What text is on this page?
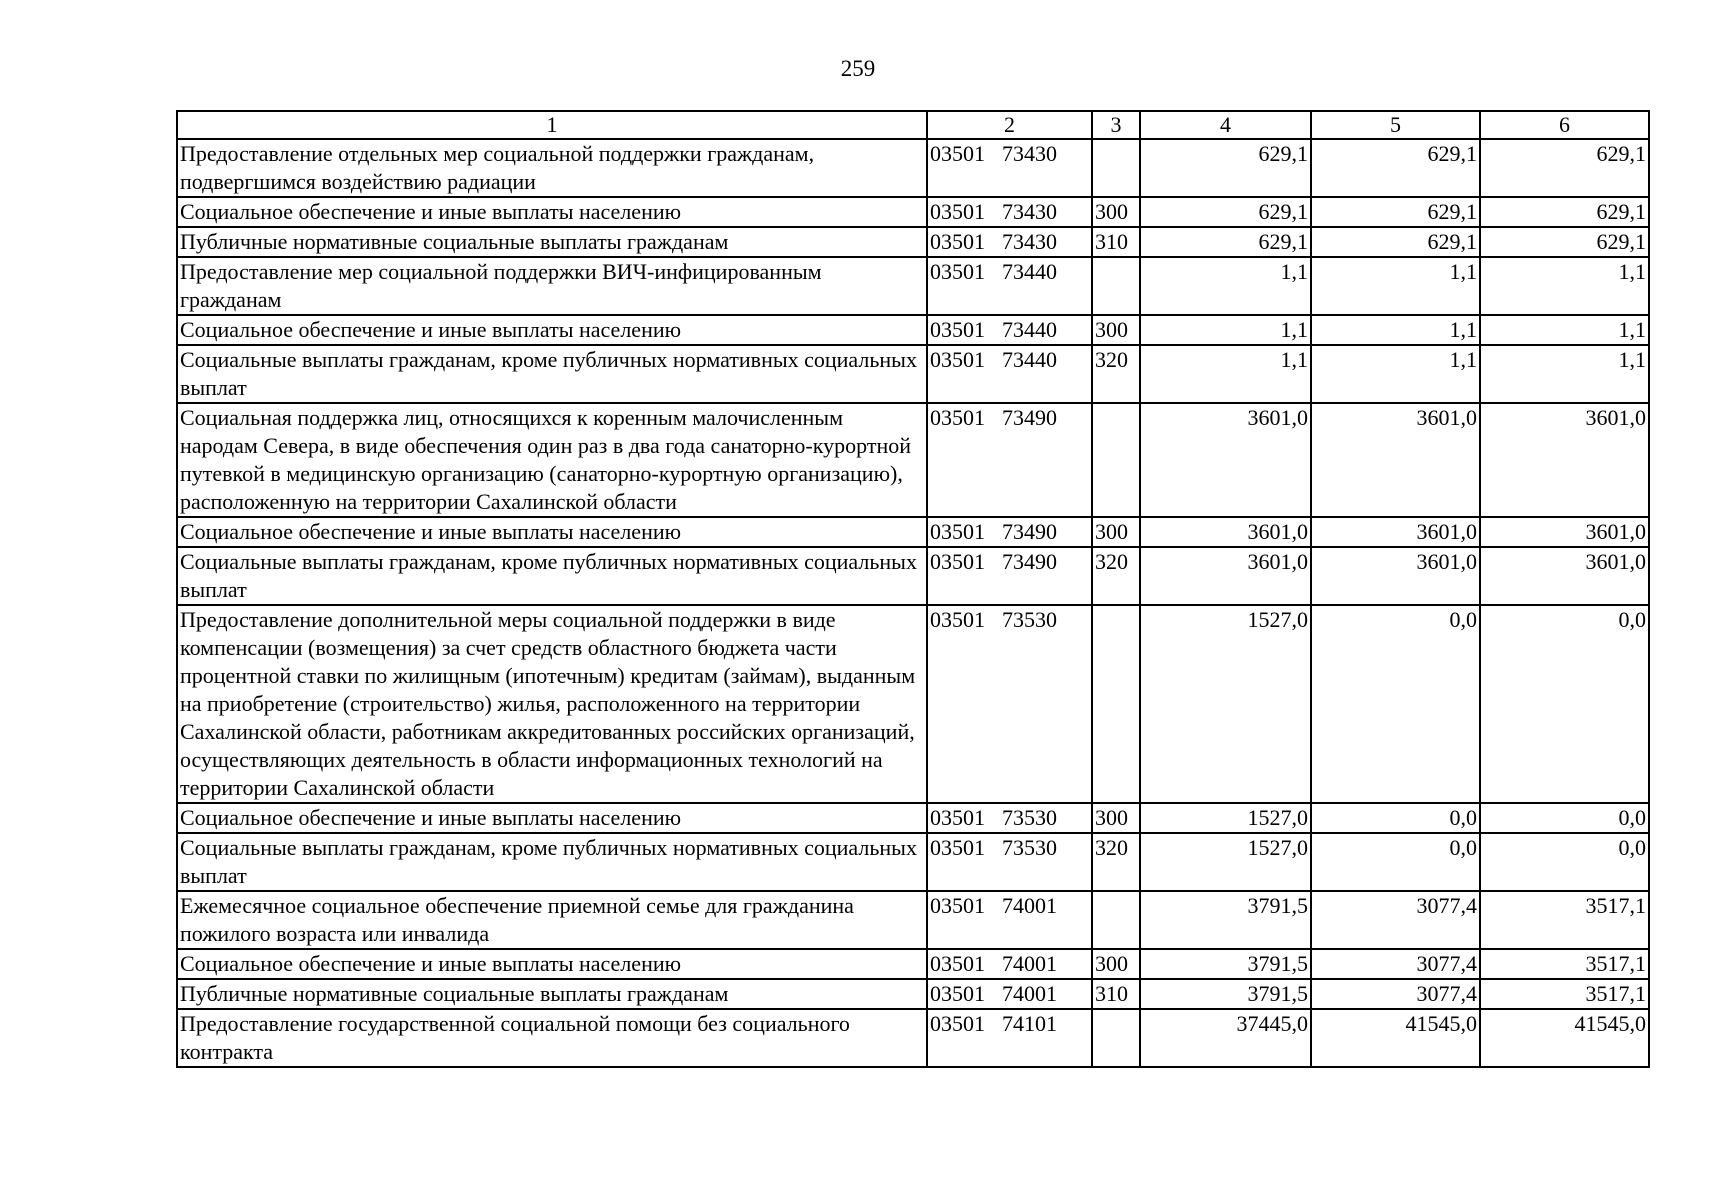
259
1	2	3	4	5	6
Предоставление отдельных мер социальной поддержки гражданам, подвергшимся воздействию радиации	03501 73430		629,1	629,1	629,1
Социальное обеспечение и иные выплаты населению	03501 73430	300	629,1	629,1	629,1
Публичные нормативные социальные выплаты гражданам	03501 73430	310	629,1	629,1	629,1
Предоставление мер социальной поддержки ВИЧ-инфицированным гражданам	03501 73440		1,1	1,1	1,1
Социальное обеспечение и иные выплаты населению	03501 73440	300	1,1	1,1	1,1
Социальные выплаты гражданам, кроме публичных нормативных социальных выплат	03501 73440	320	1,1	1,1	1,1
Социальная поддержка лиц, относящихся к коренным малочисленным народам Севера, в виде обеспечения один раз в два года санаторно-курортной путевкой в медицинскую организацию (санаторно-курортную организацию), расположенную на территории Сахалинской области	03501 73490		3601,0	3601,0	3601,0
Социальное обеспечение и иные выплаты населению	03501 73490	300	3601,0	3601,0	3601,0
Социальные выплаты гражданам, кроме публичных нормативных социальных выплат	03501 73490	320	3601,0	3601,0	3601,0
Предоставление дополнительной меры социальной поддержки в виде компенсации (возмещения) за счет средств областного бюджета части процентной ставки по жилищным (ипотечным) кредитам (займам), выданным на приобретение (строительство) жилья, расположенного на территории Сахалинской области, работникам аккредитованных российских организаций, осуществляющих деятельность в области информационных технологий на территории Сахалинской области	03501 73530		1527,0	0,0	0,0
Социальное обеспечение и иные выплаты населению	03501 73530	300	1527,0	0,0	0,0
Социальные выплаты гражданам, кроме публичных нормативных социальных выплат	03501 73530	320	1527,0	0,0	0,0
Ежемесячное социальное обеспечение приемной семье для гражданина пожилого возраста или инвалида	03501 74001		3791,5	3077,4	3517,1
Социальное обеспечение и иные выплаты населению	03501 74001	300	3791,5	3077,4	3517,1
Публичные нормативные социальные выплаты гражданам	03501 74001	310	3791,5	3077,4	3517,1
Предоставление государственной социальной помощи без социального контракта	03501 74101		37445,0	41545,0	41545,0
